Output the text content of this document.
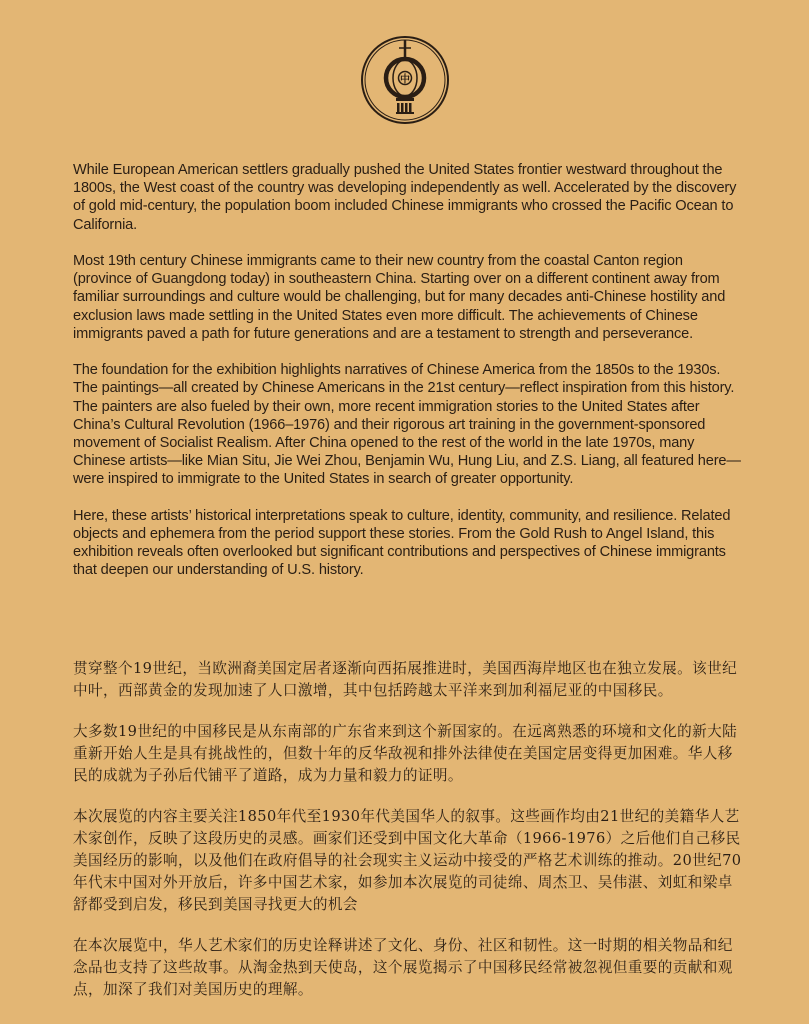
中

While European American settlers gradually pushed the United States frontier westward throughout the 1800s, the West coast of the country was developing independently as well. Accelerated by the discovery of gold mid-century, the population boom included Chinese immigrants who crossed the Pacific Ocean to California.

Most 19th century Chinese immigrants came to their new country from the coastal Canton region (province of Guangdong today) in southeastern China. Starting over on a different continent away from familiar surroundings and culture would be challenging, but for many decades anti-Chinese hostility and exclusion laws made settling in the United States even more difficult. The achievements of Chinese immigrants paved a path for future generations and are a testament to strength and perseverance.

The foundation for the exhibition highlights narratives of Chinese America from the 1850s to the 1930s. The paintings—all created by Chinese Americans in the 21st century—reflect inspiration from this history. The painters are also fueled by their own, more recent immigration stories to the United States after China’s Cultural Revolution (1966–1976) and their rigorous art training in the government-sponsored movement of Socialist Realism. After China opened to the rest of the world in the late 1970s, many Chinese artists—like Mian Situ, Jie Wei Zhou, Benjamin Wu, Hung Liu, and Z.S. Liang, all featured here—were inspired to immigrate to the United States in search of greater opportunity.

Here, these artists’ historical interpretations speak to culture, identity, community, and resilience. Related objects and ephemera from the period support these stories. From the Gold Rush to Angel Island, this exhibition reveals often overlooked but significant contributions and perspectives of Chinese immigrants that deepen our understanding of U.S. history.

贯穿整个19世纪，当欧洲裔美国定居者逐渐向西拓展推进时，美国西海岸地区也在独立发展。该世纪中叶，西部黄金的发现加速了人口激增，其中包括跨越太平洋来到加利福尼亚的中国移民。

大多数19世纪的中国移民是从东南部的广东省来到这个新国家的。在远离熟悉的环境和文化的新大陆重新开始人生是具有挑战性的，但数十年的反华敌视和排外法律使在美国定居变得更加困难。华人移民的成就为子孙后代铺平了道路，成为力量和毅力的证明。

本次展览的内容主要关注1850年代至1930年代美国华人的叙事。这些画作均由21世纪的美籍华人艺术家创作，反映了这段历史的灵感。画家们还受到中国文化大革命（1966-1976）之后他们自己移民美国经历的影响，以及他们在政府倡导的社会现实主义运动中接受的严格艺术训练的推动。20世纪70年代末中国对外开放后，许多中国艺术家，如参加本次展览的司徒绵、周杰卫、吴伟湛、刘虹和梁卓舒都受到启发，移民到美国寻找更大的机会

在本次展览中，华人艺术家们的历史诠释讲述了文化、身份、社区和韧性。这一时期的相关物品和纪念品也支持了这些故事。从淘金热到天使岛，这个展览揭示了中国移民经常被忽视但重要的贡献和观点，加深了我们对美国历史的理解。
